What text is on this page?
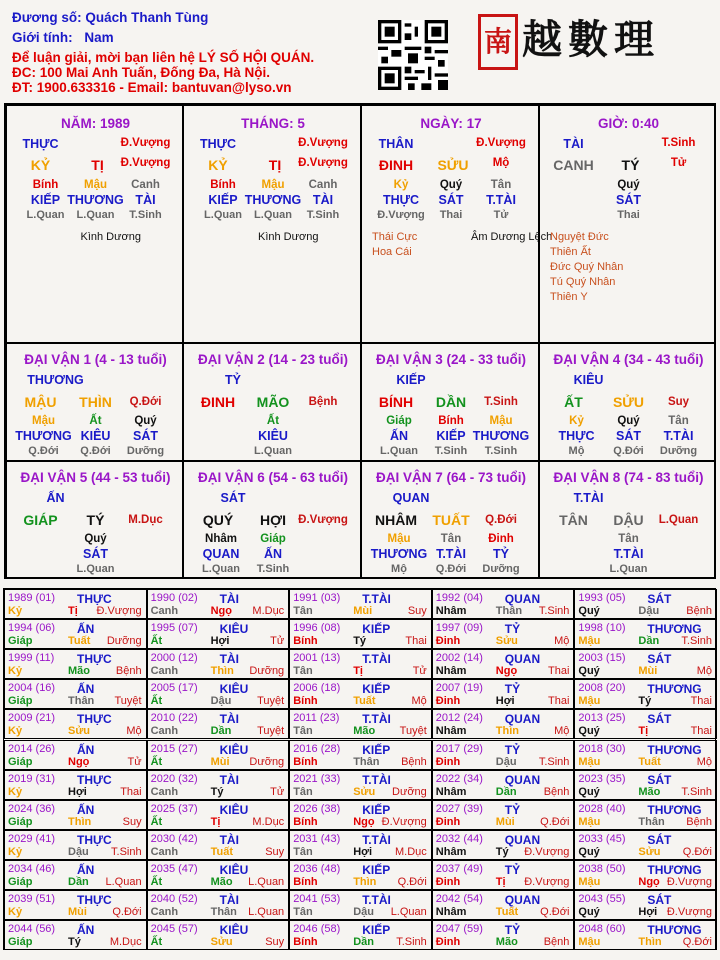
Đương số: Quách Thanh Tùng
Giới tính: Nam
Để luận giải, mời bạn liên hệ LÝ SỐ HỘI QUÁN.
ĐC: 100 Mai Anh Tuấn, Đống Đa, Hà Nội.
ĐT: 1900.633316 - Email: bantuvan@lyso.vn
南 越數理
NĂM: 1989
THỰC	Đ.Vượng
KỶ	TỊ Đ.Vượng
Bính Mậu Canh
KIẾP THƯƠNG TÀI
L.Quan L.Quan T.Sinh
Kình Dương
THÁNG: 5
THỰC	Đ.Vượng
KỶ	TỊ Đ.Vượng
Bính Mậu Canh
KIẾP THƯƠNG TÀI
L.Quan L.Quan T.Sinh
Kình Dương
NGÀY: 17
THÂN	Đ.Vượng
ĐINH SỬU Mộ
Kỷ	Quý Tân
THỰC SÁT T.TÀI
Đ.Vượng Thai	Tử
Thái Cực
Hoa Cái
Âm Dương Lệch
GIỜ: 0:40
TÀI	T.Sinh
CANH TÝ	Tử
Quý
SÁT
Thai
Nguyệt Đức
Thiên Ất
Đức Quý Nhân
Tú Quý Nhân
Thiên Y
ĐẠI VẬN 1 (4 - 13 tuổi)
THƯƠNG
MẬU THÌN Q.Đới
Mậu	Ất	Quý
THƯƠNG KIÊU SÁT
Q.Đới Q.Đới Dưỡng
ĐẠI VẬN 2 (14 - 23 tuổi)
TỶ
ĐINH MÃO Bệnh
Ất
KIÊU
L.Quan
ĐẠI VẬN 3 (24 - 33 tuổi)
KIẾP
BÍNH DẦN T.Sinh
Giáp Bính Mậu
ẤN KIẾP THƯƠNG
L.Quan T.Sinh T.Sinh
ĐẠI VẬN 4 (34 - 43 tuổi)
KIÊU
ẤT SỬU Suy
Kỷ	Quý Tân
THỰC SÁT T.TÀI
Mộ	Q.Đới Dưỡng
ĐẠI VẬN 5 (44 - 53 tuổi)
ẤN
GIÁP TÝ M.Dục
Quý
SÁT
L.Quan
ĐẠI VẬN 6 (54 - 63 tuổi)
SÁT
QUÝ HỢI Đ.Vượng
Nhâm Giáp
QUAN ẤN
L.Quan T.Sinh
ĐẠI VẬN 7 (64 - 73 tuổi)
QUAN
NHÂM TUẤT Q.Đới
Mậu	Tân Đinh
THƯƠNG T.TÀI TỶ
Mộ	Q.Đới Dưỡng
ĐẠI VẬN 8 (74 - 83 tuổi)
T.TÀI
TÂN DẬU L.Quan
Tân
T.TÀI
L.Quan
1989 (01) THỰC
Kỷ	Tị Đ.Vượng
1990 (02) TÀI
Canh	Ngọ M.Dục
1991 (03) T.TÀI
Tân	Mùi	Suy
1992 (04) QUAN
Nhâm	Thân T.Sinh
1993 (05) SÁT
Quý	Dậu Bệnh
1994 (06) ẤN
Giáp	Tuất Dưỡng
1995 (07) KIÊU
Ất	Hợi	Tử
1996 (08) KIẾP
Bính	Tý	Thai
1997 (09) TỶ
Đinh	Sửu	Mộ
1998 (10) THƯƠNG
Mậu	Dần T.Sinh
1999 (11) THỰC
Kỷ	Mão Bệnh
2000 (12) TÀI
Canh	Thìn Dưỡng
2001 (13) T.TÀI
Tân	Tị	Tử
2002 (14) QUAN
Nhâm	Ngọ	Thai
2003 (15) SÁT
Quý	Mùi	Mộ
2004 (16) ẤN
Giáp	Thân Tuyệt
2005 (17) KIÊU
Ất	Dậu Tuyệt
2006 (18) KIẾP
Bính	Tuất	Mộ
2007 (19) TỶ
Đinh	Hợi	Thai
2008 (20) THƯƠNG
Mậu	Tý	Thai
2009 (21) THỰC
Kỷ	Sửu	Mộ
2010 (22) TÀI
Canh	Dần Tuyệt
2011 (23) T.TÀI
Tân	Mão Tuyệt
2012 (24) QUAN
Nhâm	Thìn	Mộ
2013 (25) SÁT
Quý	Tị	Thai
2014 (26) ẤN
Giáp	Ngọ	Tử
2015 (27) KIÊU
Ất	Mùi Dưỡng
2016 (28) KIẾP
Bính	Thân Bệnh
2017 (29) TỶ
Đinh	Dậu T.Sinh
2018 (30) THƯƠNG
Mậu	Tuất	Mộ
2019 (31) THỰC
Kỷ	Hợi	Thai
2020 (32) TÀI
Canh	Tý	Tử
2021 (33) T.TÀI
Tân	Sửu Dưỡng
2022 (34) QUAN
Nhâm	Dần Bệnh
2023 (35) SÁT
Quý	Mão T.Sinh
2024 (36) ẤN
Giáp	Thìn	Suy
2025 (37) KIÊU
Ất	Tị	M.Dục
2026 (38) KIẾP
Bính	Ngọ Đ.Vượng
2027 (39) TỶ
Đinh	Mùi Q.Đới
2028 (40) THƯƠNG
Mậu	Thân Bệnh
2029 (41) THỰC
Kỷ	Dậu T.Sinh
2030 (42) TÀI
Canh	Tuất	Suy
2031 (43) T.TÀI
Tân	Hợi M.Dục
2032 (44) QUAN
Nhâm	Tý Đ.Vượng
2033 (45) SÁT
Quý	Sửu Q.Đới
2034 (46) ẤN
Giáp	Dần L.Quan
2035 (47) KIÊU
Ất	Mão L.Quan
2036 (48) KIẾP
Bính	Thìn Q.Đới
2037 (49) TỶ
Đinh	Tị Đ.Vượng
2038 (50) THƯƠNG
Mậu	Ngọ Đ.Vượng
2039 (51) THỰC
Kỷ	Mùi Q.Đới
2040 (52) TÀI
Canh	Thân L.Quan
2041 (53) T.TÀI
Tân	Dậu L.Quan
2042 (54) QUAN
Nhâm	Tuất Q.Đới
2043 (55) SÁT
Quý	Hợi Đ.Vượng
2044 (56) ẤN
Giáp	Tý	M.Dục
2045 (57) KIÊU
Ất	Sửu	Suy
2046 (58) KIẾP
Bính	Dần T.Sinh
2047 (59) TỶ
Đinh	Mão Bệnh
2048 (60) THƯƠNG
Mậu	Thìn Q.Đới
